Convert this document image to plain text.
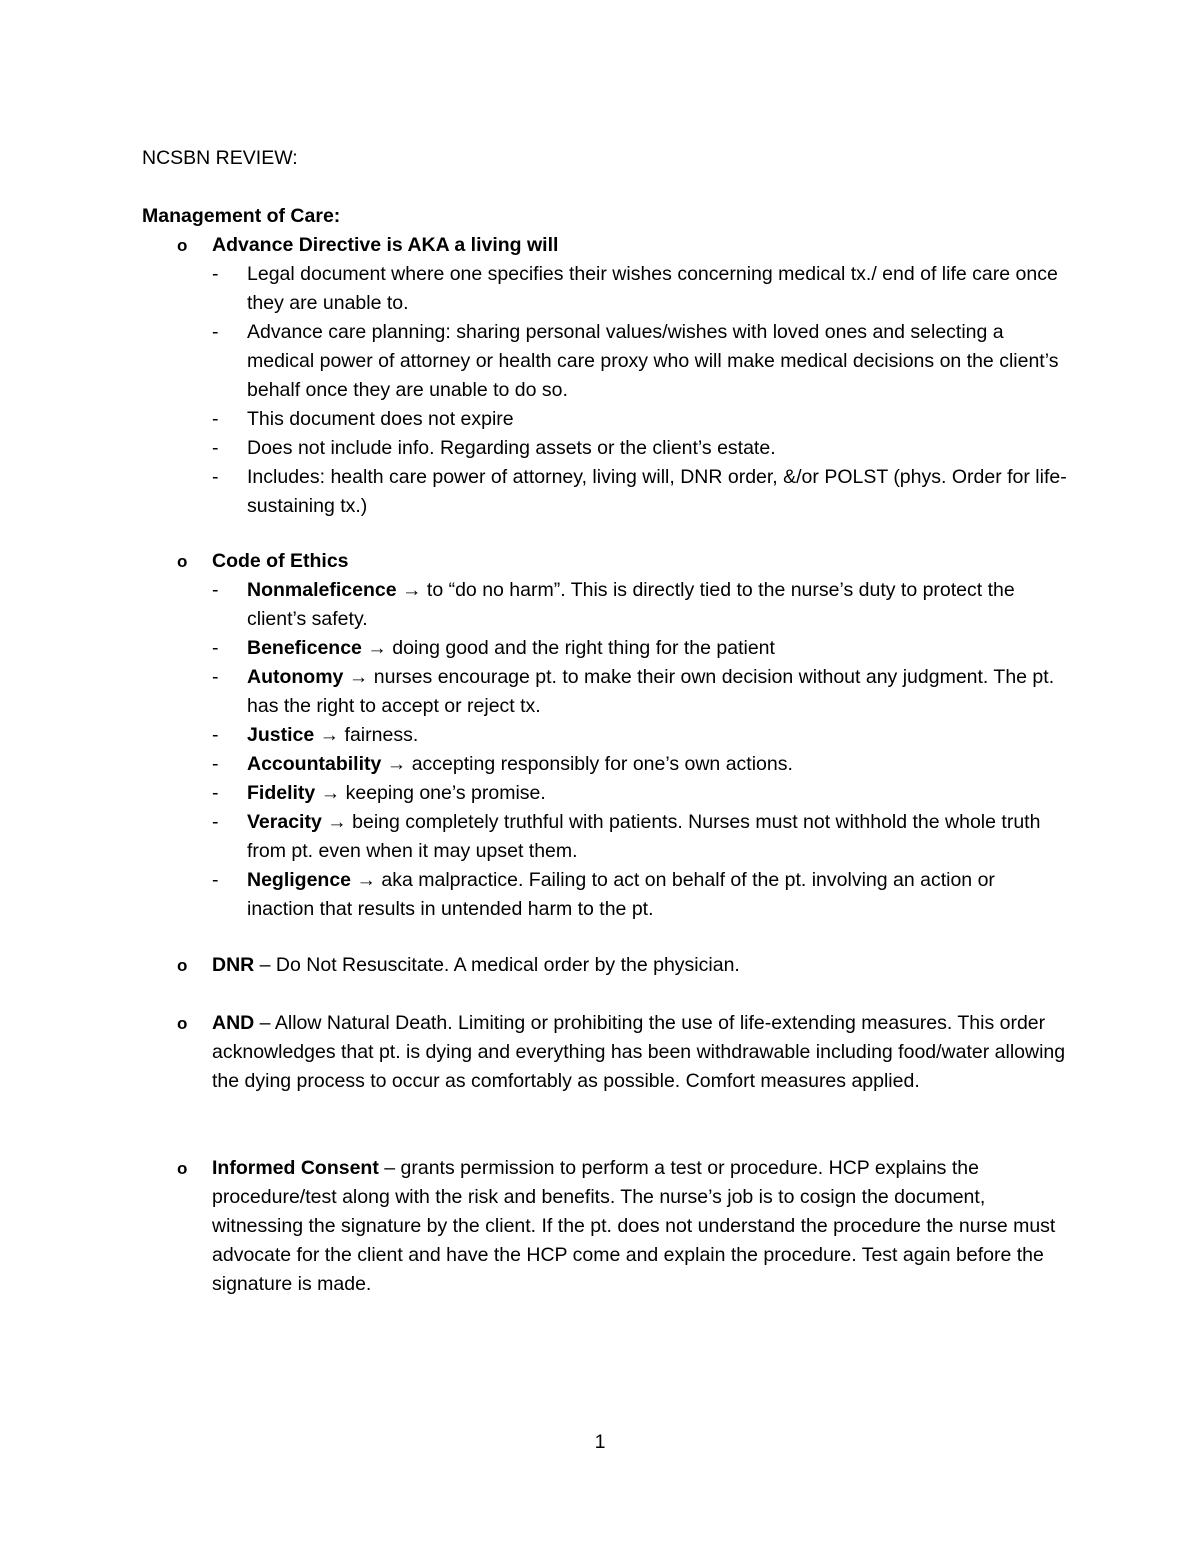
NCSBN REVIEW:

Management of Care:

o Advance Directive is AKA a living will
- Legal document where one specifies their wishes concerning medical tx./ end of life care once they are unable to.
- Advance care planning: sharing personal values/wishes with loved ones and selecting a medical power of attorney or health care proxy who will make medical decisions on the client’s behalf once they are unable to do so.
- This document does not expire
- Does not include info. Regarding assets or the client’s estate.
- Includes: health care power of attorney, living will, DNR order, &/or POLST (phys. Order for life-sustaining tx.)
o Code of Ethics
- Nonmaleficence → to “do no harm”. This is directly tied to the nurse’s duty to protect the client’s safety.
- Beneficence → doing good and the right thing for the patient
- Autonomy → nurses encourage pt. to make their own decision without any judgment. The pt. has the right to accept or reject tx.
- Justice → fairness.
- Accountability → accepting responsibly for one’s own actions.
- Fidelity → keeping one’s promise.
- Veracity → being completely truthful with patients. Nurses must not withhold the whole truth from pt. even when it may upset them.
- Negligence → aka malpractice. Failing to act on behalf of the pt. involving an action or inaction that results in untended harm to the pt.
o DNR – Do Not Resuscitate. A medical order by the physician.
o AND – Allow Natural Death. Limiting or prohibiting the use of life-extending measures. This order acknowledges that pt. is dying and everything has been withdrawable including food/water allowing the dying process to occur as comfortably as possible. Comfort measures applied.
o Informed Consent – grants permission to perform a test or procedure. HCP explains the procedure/test along with the risk and benefits. The nurse’s job is to cosign the document, witnessing the signature by the client. If the pt. does not understand the procedure the nurse must advocate for the client and have the HCP come and explain the procedure. Test again before the signature is made.
1
